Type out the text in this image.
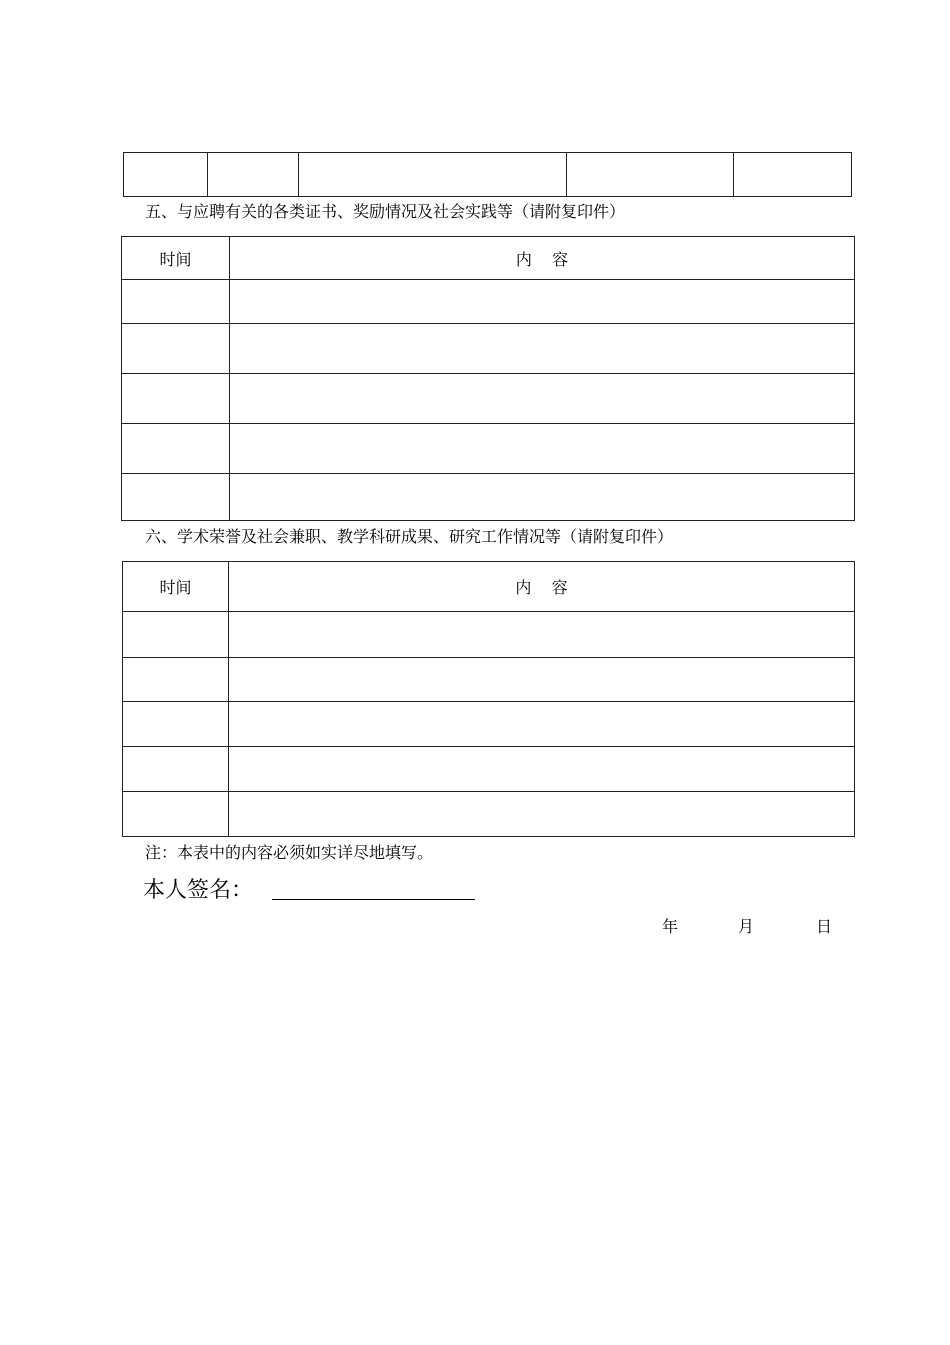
五、与应聘有关的各类证书、奖励情况及社会实践等（请附复印件）
时间	内    容

六、学术荣誉及社会兼职、教学科研成果、研究工作情况等（请附复印件）
时间	内    容

注：本表中的内容必须如实详尽地填写。
本人签名：
年	月	日
